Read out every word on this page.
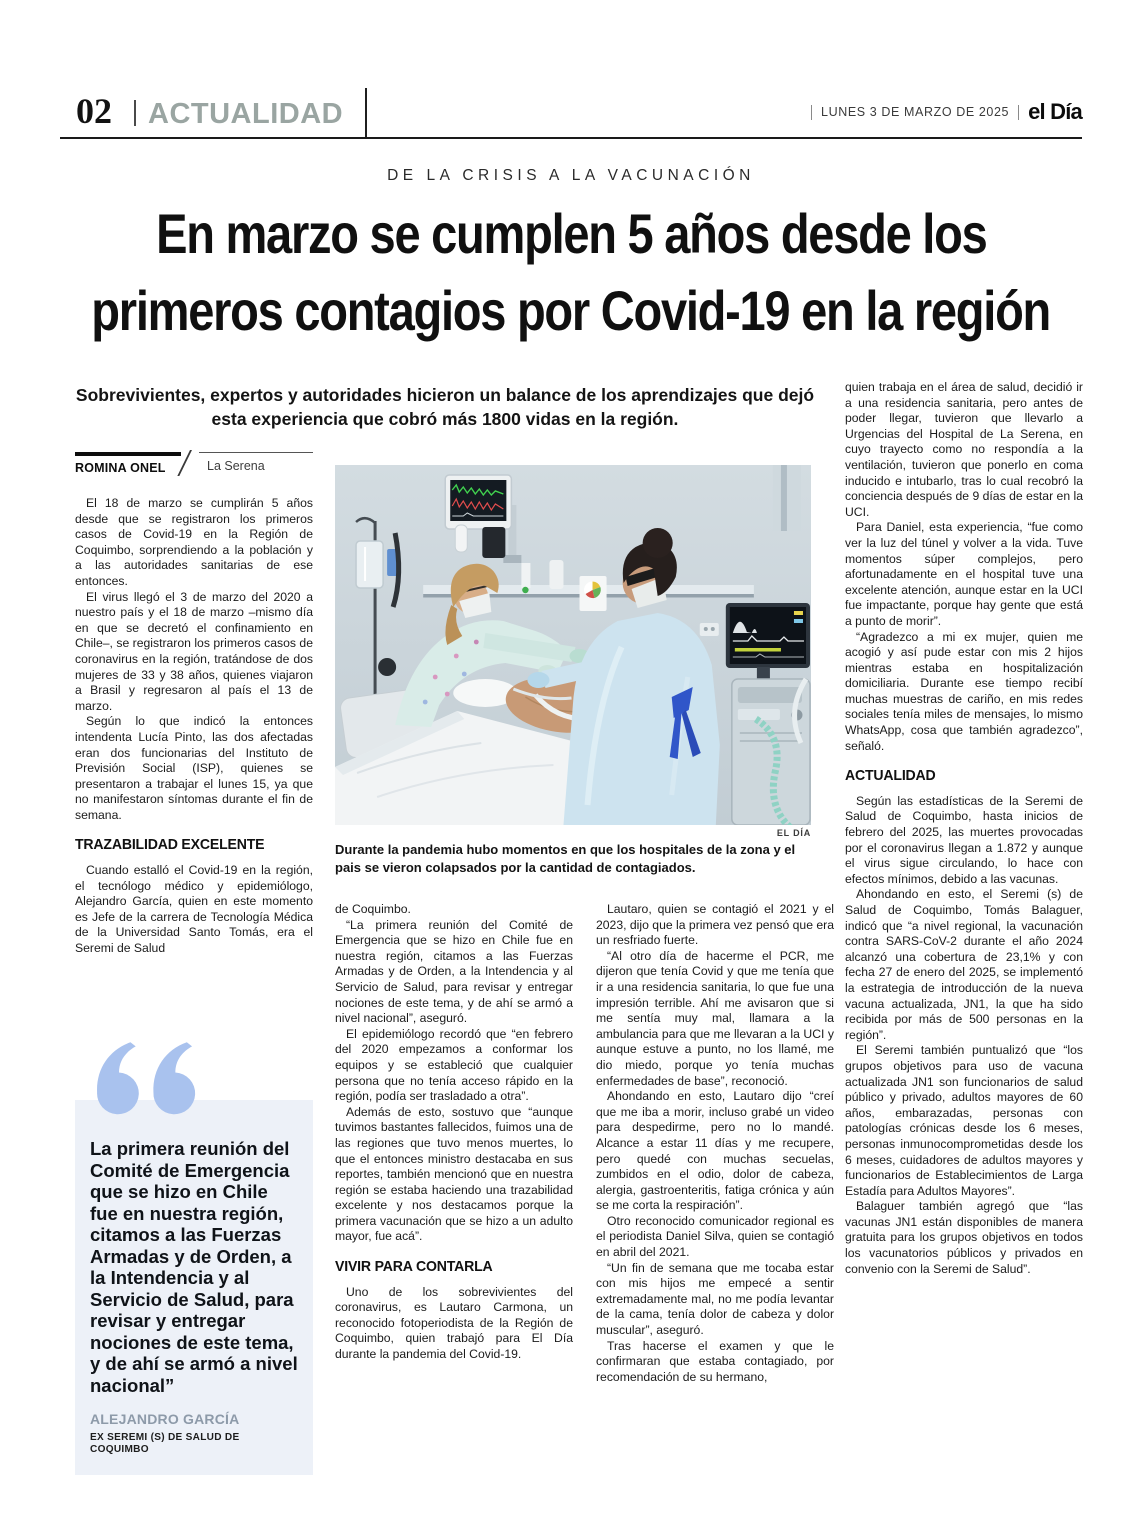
02 ACTUALIDAD	LUNES 3 DE MARZO DE 2025 el Día
DE LA CRISIS A LA VACUNACIÓN
En marzo se cumplen 5 años desde los
primeros contagios por Covid-19 en la región
Sobrevivientes, expertos y autoridades hicieron un balance de los aprendizajes que dejó
esta experiencia que cobró más 1800 vidas en la región.
ROMINA ONEL	La Serena

El 18 de marzo se cumplirán 5 años desde que se registraron los primeros casos de Covid-19 en la Región de Coquimbo, sorprendiendo a la población y a las autoridades sanitarias de ese entonces.

El virus llegó el 3 de marzo del 2020 a nuestro país y el 18 de marzo –mismo día en que se decretó el confinamiento en Chile–, se registraron los primeros casos de coronavirus en la región, tratándose de dos mujeres de 33 y 38 años, quienes viajaron a Brasil y regresaron al país el 13 de marzo.

Según lo que indicó la entonces intendenta Lucía Pinto, las dos afectadas eran dos funcionarias del Instituto de Previsión Social (ISP), quienes se presentaron a trabajar el lunes 15, ya que no manifestaron síntomas durante el fin de semana.

TRAZABILIDAD EXCELENTE

Cuando estalló el Covid-19 en la región, el tecnólogo médico y epidemiólogo, Alejandro García, quien en este momento es Jefe de la carrera de Tecnología Médica de la Universidad Santo Tomás, era el Seremi de Salud

La primera reunión del Comité de Emergencia que se hizo en Chile fue en nuestra región, citamos a las Fuerzas Armadas y de Orden, a la Intendencia y al Servicio de Salud, para revisar y entregar nociones de este tema, y de ahí se armó a nivel nacional”
ALEJANDRO GARCÍA
EX SEREMI (S) DE SALUD DE COQUIMBO
EL DÍA
Durante la pandemia hubo momentos en que los hospitales de la zona y el pais se vieron colapsados por la cantidad de contagiados.

de Coquimbo.

“La primera reunión del Comité de Emergencia que se hizo en Chile fue en nuestra región, citamos a las Fuerzas Armadas y de Orden, a la Intendencia y al Servicio de Salud, para revisar y entregar nociones de este tema, y de ahí se armó a nivel nacional”, aseguró.

El epidemiólogo recordó que “en febrero del 2020 empezamos a conformar los equipos y se estableció que cualquier persona que no tenía acceso rápido en la región, podía ser trasladado a otra”.

Además de esto, sostuvo que “aunque tuvimos bastantes fallecidos, fuimos una de las regiones que tuvo menos muertes, lo que el entonces ministro destacaba en sus reportes, también mencionó que en nuestra región se estaba haciendo una trazabilidad excelente y nos destacamos porque la primera vacunación que se hizo a un adulto mayor, fue acá”.

VIVIR PARA CONTARLA

Uno de los sobrevivientes del coronavirus, es Lautaro Carmona, un reconocido fotoperiodista de la Región de Coquimbo, quien trabajó para El Día durante la pandemia del Covid-19.

Lautaro, quien se contagió el 2021 y el 2023, dijo que la primera vez pensó que era un resfriado fuerte.

“Al otro día de hacerme el PCR, me dijeron que tenía Covid y que me tenía que ir a una residencia sanitaria, lo que fue una impresión terrible. Ahí me avisaron que si me sentía muy mal, llamara a la ambulancia para que me llevaran a la UCI y aunque estuve a punto, no los llamé, me dio miedo, porque yo tenía muchas enfermedades de base”, reconoció.

Ahondando en esto, Lautaro dijo “creí que me iba a morir, incluso grabé un video para despedirme, pero no lo mandé. Alcance a estar 11 días y me recupere, pero quedé con muchas secuelas, zumbidos en el odio, dolor de cabeza, alergia, gastroenteritis, fatiga crónica y aún se me corta la respiración”.

Otro reconocido comunicador regional es el periodista Daniel Silva, quien se contagió en abril del 2021.

“Un fin de semana que me tocaba estar con mis hijos me empecé a sentir extremadamente mal, no me podía levantar de la cama, tenía dolor de cabeza y dolor muscular”, aseguró.

Tras hacerse el examen y que le confirmaran que estaba contagiado, por recomendación de su hermano,

quien trabaja en el área de salud, decidió ir a una residencia sanitaria, pero antes de poder llegar, tuvieron que llevarlo a Urgencias del Hospital de La Serena, en cuyo trayecto como no respondía a la ventilación, tuvieron que ponerlo en coma inducido e intubarlo, tras lo cual recobró la conciencia después de 9 días de estar en la UCI.

Para Daniel, esta experiencia, “fue como ver la luz del túnel y volver a la vida. Tuve momentos súper complejos, pero afortunadamente en el hospital tuve una excelente atención, aunque estar en la UCI fue impactante, porque hay gente que está a punto de morir”.

“Agradezco a mi ex mujer, quien me acogió y así pude estar con mis 2 hijos mientras estaba en hospitalización domiciliaria. Durante ese tiempo recibí muchas muestras de cariño, en mis redes sociales tenía miles de mensajes, lo mismo WhatsApp, cosa que también agradezco”, señaló.

ACTUALIDAD

Según las estadísticas de la Seremi de Salud de Coquimbo, hasta inicios de febrero del 2025, las muertes provocadas por el coronavirus llegan a 1.872 y aunque el virus sigue circulando, lo hace con efectos mínimos, debido a las vacunas.

Ahondando en esto, el Seremi (s) de Salud de Coquimbo, Tomás Balaguer, indicó que “a nivel regional, la vacunación contra SARS-CoV-2 durante el año 2024 alcanzó una cobertura de 23,1% y con fecha 27 de enero del 2025, se implementó la estrategia de introducción de la nueva vacuna actualizada, JN1, la que ha sido recibida por más de 500 personas en la región”.

El Seremi también puntualizó que “los grupos objetivos para uso de vacuna actualizada JN1 son funcionarios de salud público y privado, adultos mayores de 60 años, embarazadas, personas con patologías crónicas desde los 6 meses, personas inmunocomprometidas desde los 6 meses, cuidadores de adultos mayores y funcionarios de Establecimientos de Larga Estadía para Adultos Mayores”.

Balaguer también agregó que “las vacunas JN1 están disponibles de manera gratuita para los grupos objetivos en todos los vacunatorios públicos y privados en convenio con la Seremi de Salud”.
